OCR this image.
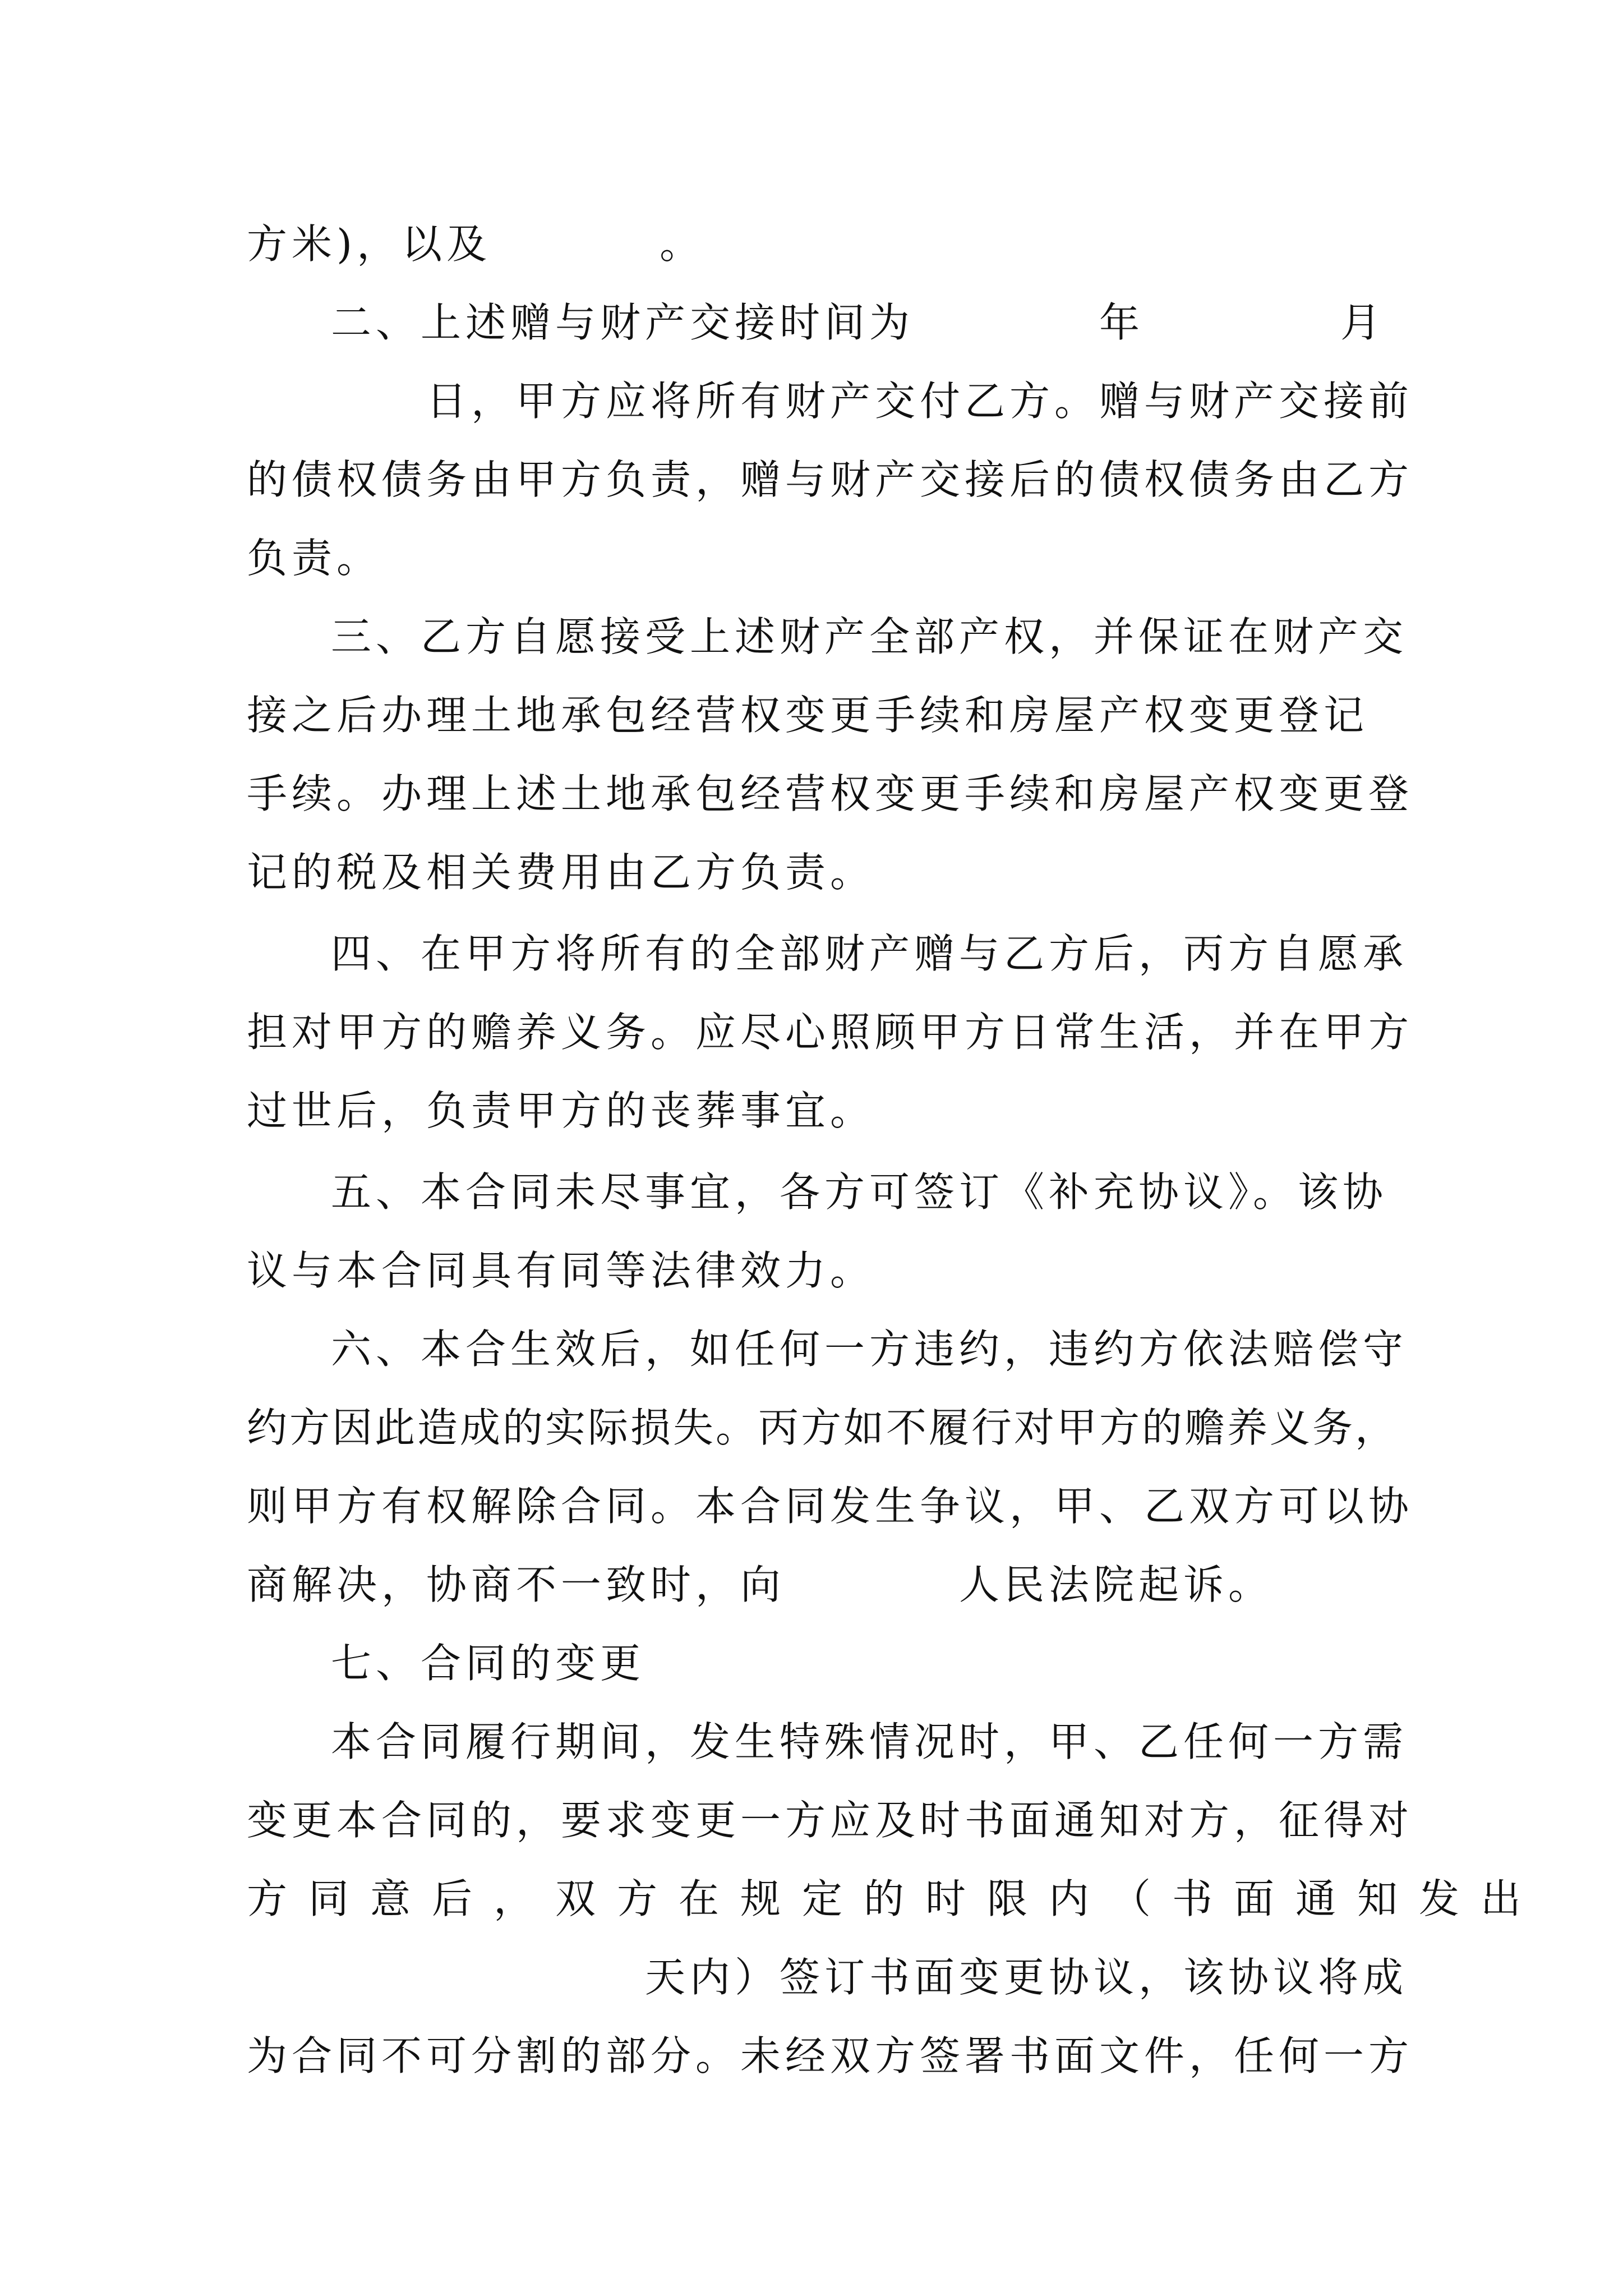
方米)，以及	。
二、上述赠与财产交接时间为	年	月
日，甲方应将所有财产交付乙方。赠与财产交接前
的债权债务由甲方负责，赠与财产交接后的债权债务由乙方
负责。
三、乙方自愿接受上述财产全部产权，并保证在财产交
接之后办理土地承包经营权变更手续和房屋产权变更登记
手续。办理上述土地承包经营权变更手续和房屋产权变更登
记的税及相关费用由乙方负责。
四、在甲方将所有的全部财产赠与乙方后，丙方自愿承
担对甲方的赡养义务。应尽心照顾甲方日常生活，并在甲方
过世后，负责甲方的丧葬事宜。
五、本合同未尽事宜，各方可签订《补充协议》。该协
议与本合同具有同等法律效力。
六、本合生效后，如任何一方违约，违约方依法赔偿守
约方因此造成的实际损失。丙方如不履行对甲方的赡养义务，
则甲方有权解除合同。本合同发生争议，甲、乙双方可以协
商解决，协商不一致时，向	人民法院起诉。
七、合同的变更
本合同履行期间，发生特殊情况时，甲、乙任何一方需
变更本合同的，要求变更一方应及时书面通知对方，征得对
方同意后，双方在规定的时限内（书面通知发出
天内）签订书面变更协议，该协议将成
为合同不可分割的部分。未经双方签署书面文件，任何一方
